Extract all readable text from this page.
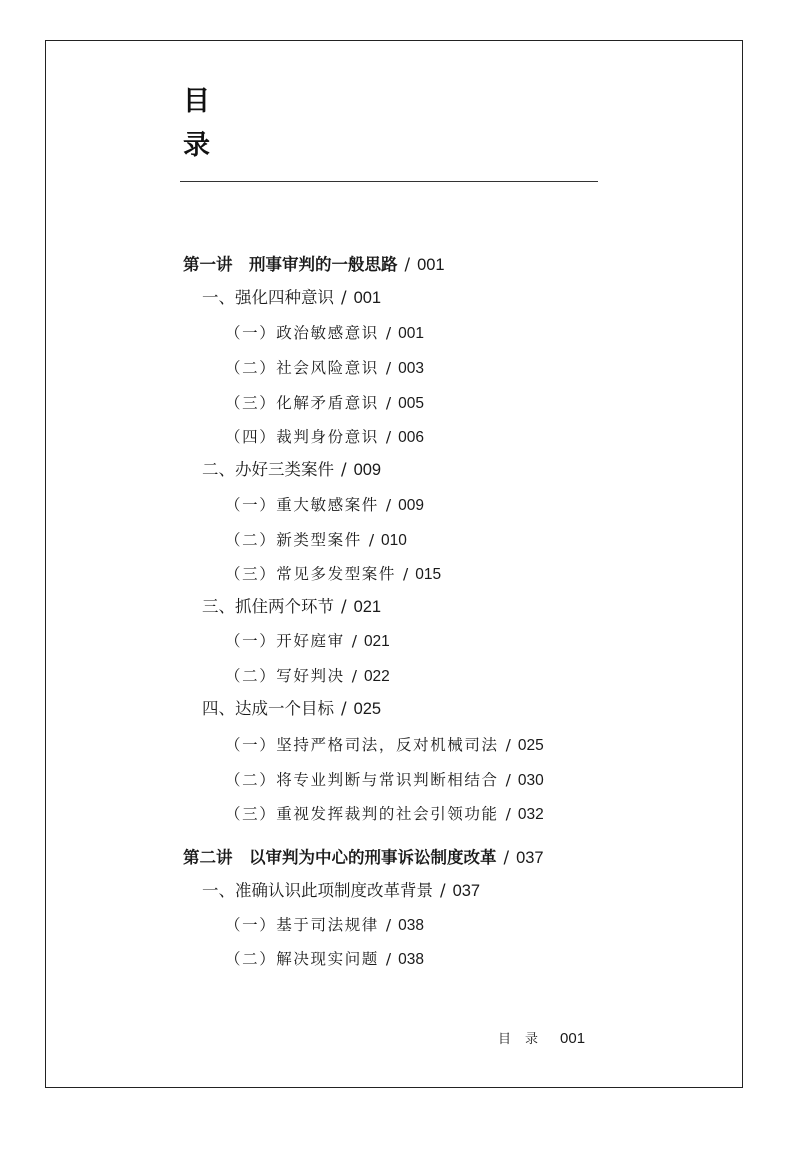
目
录
第一讲　刑事审判的一般思路 / 001
一、强化四种意识 / 001
（一）政治敏感意识 / 001
（二）社会风险意识 / 003
（三）化解矛盾意识 / 005
（四）裁判身份意识 / 006
二、办好三类案件 / 009
（一）重大敏感案件 / 009
（二）新类型案件 / 010
（三）常见多发型案件 / 015
三、抓住两个环节 / 021
（一）开好庭审 / 021
（二）写好判决 / 022
四、达成一个目标 / 025
（一）坚持严格司法，反对机械司法 / 025
（二）将专业判断与常识判断相结合 / 030
（三）重视发挥裁判的社会引领功能 / 032
第二讲　以审判为中心的刑事诉讼制度改革 / 037
一、准确认识此项制度改革背景 / 037
（一）基于司法规律 / 038
（二）解决现实问题 / 038
目录 001
